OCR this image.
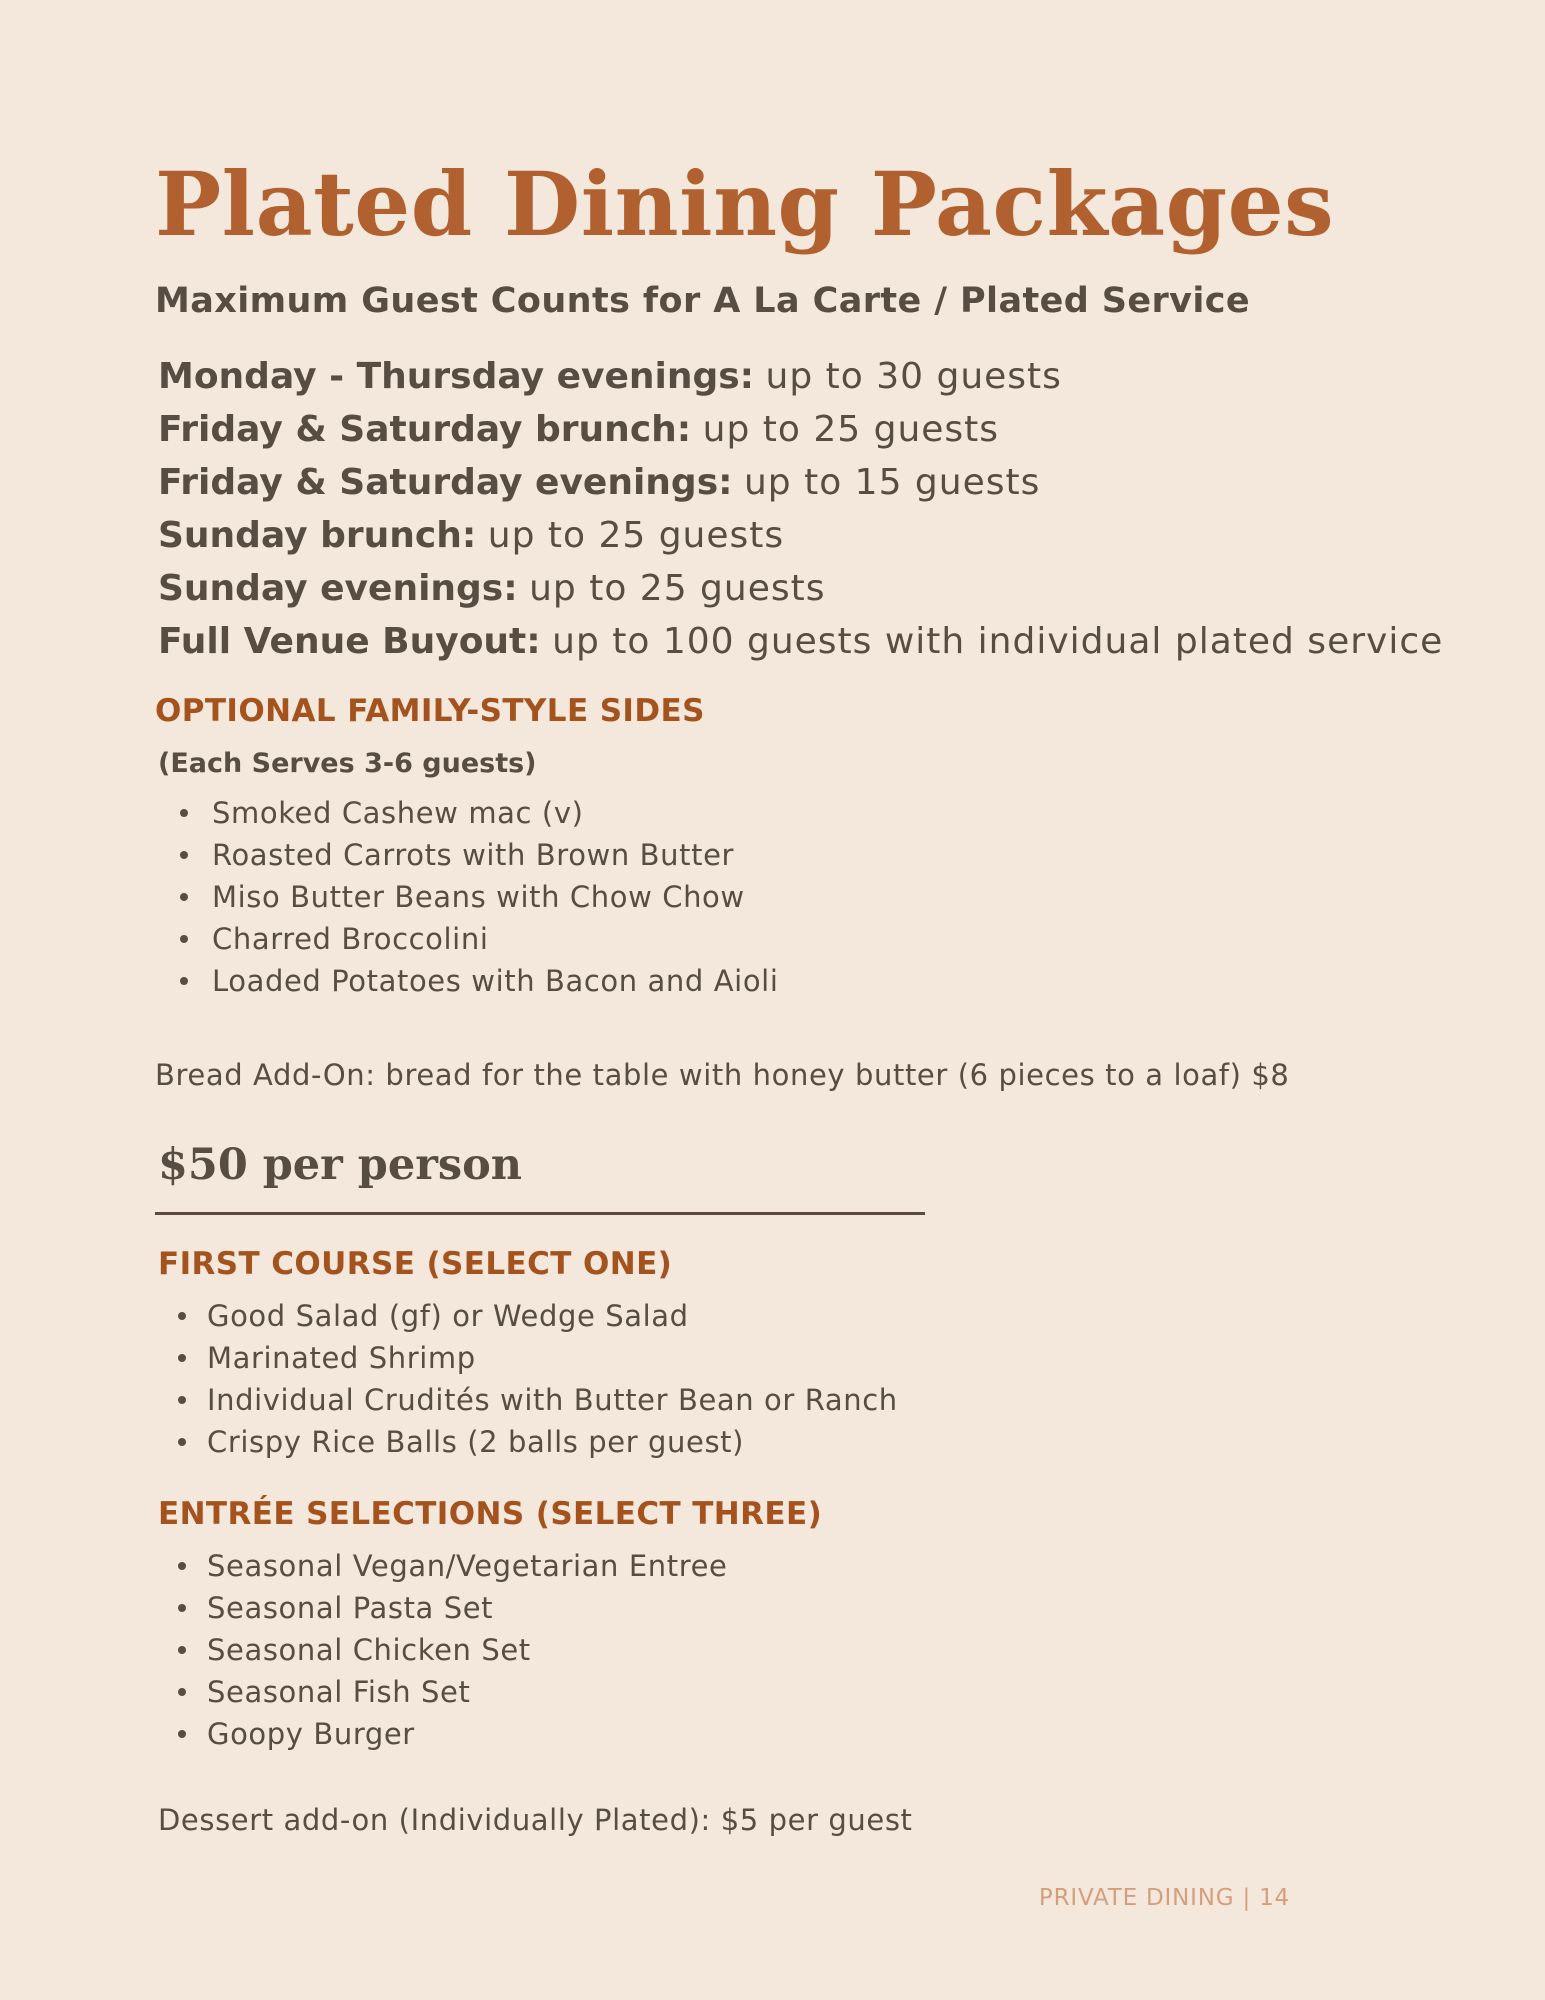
Plated Dining Packages
Maximum Guest Counts for A La Carte / Plated Service
Monday - Thursday evenings: up to 30 guests
Friday & Saturday brunch: up to 25 guests
Friday & Saturday evenings: up to 15 guests
Sunday brunch: up to 25 guests
Sunday evenings: up to 25 guests
Full Venue Buyout: up to 100 guests with individual plated service
OPTIONAL FAMILY-STYLE SIDES

(Each Serves 3-6 guests)

Smoked Cashew mac (v)
Roasted Carrots with Brown Butter
Miso Butter Beans with Chow Chow
Charred Broccolini
Loaded Potatoes with Bacon and Aioli

Bread Add-On: bread for the table with honey butter (6 pieces to a loaf) $8

$50 per person
FIRST COURSE (SELECT ONE)
Good Salad (gf) or Wedge Salad
Marinated Shrimp
Individual Crudités with Butter Bean or Ranch
Crispy Rice Balls (2 balls per guest)
ENTRÉE SELECTIONS (SELECT THREE)
Seasonal Vegan/Vegetarian Entree
Seasonal Pasta Set
Seasonal Chicken Set
Seasonal Fish Set
Goopy Burger

Dessert add-on (Individually Plated): $5 per guest

PRIVATE DINING | 14
